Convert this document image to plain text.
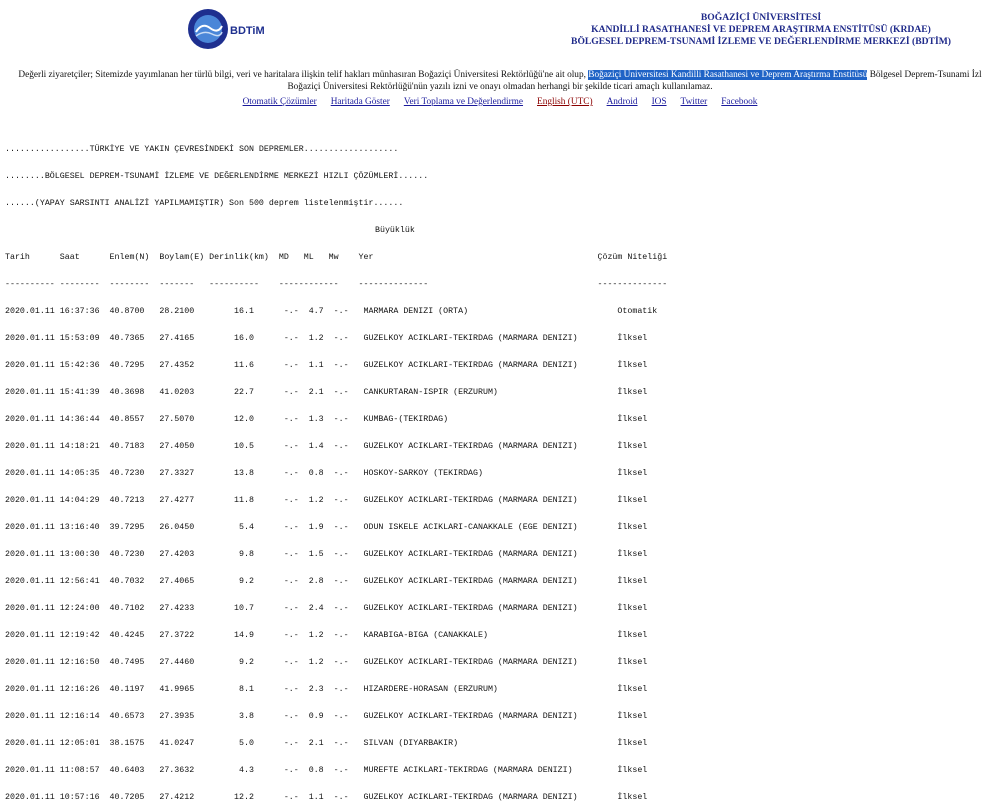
BDTiM
BOĞAZİÇİ ÜNİVERSİTESİ
KANDİLLİ RASATHANESİ VE DEPREM ARAŞTIRMA ENSTİTÜSÜ (KRDAE)
BÖLGESEL DEPREM-TSUNAMİ İZLEME VE DEĞERLENDİRME MERKEZİ (BDTİM)
Değerli ziyaretçiler; Sitemizde yayımlanan her türlü bilgi, veri ve haritalara ilişkin telif hakları münhasıran Boğaziçi Üniversitesi Rektörlüğü'ne ait olup, Boğaziçi Üniversitesi Kandilli Rasathanesi ve Deprem Araştırma Enstitüsü Bölgesel Deprem-Tsunami İzl
Boğaziçi Üniversitesi Rektörlüğü'nün yazılı izni ve onayı olmadan herhangi bir şekilde ticari amaçlı kullanılamaz.
Otomatik Çözümler Haritada Göster Veri Toplama ve Değerlendirme English (UTC) Android IOS Twitter Facebook

.................TÜRKİYE VE YAKIN ÇEVRESİNDEKİ SON DEPREMLER...................

........BÖLGESEL DEPREM-TSUNAMİ İZLEME VE DEĞERLENDİRME MERKEZİ HIZLI ÇÖZÜMLERİ......

......(YAPAY SARSINTI ANALİZİ YAPILMAMIŞTIR) Son 500 deprem listelenmiştir......

Büyüklük

Tarih      Saat      Enlem(N)  Boylam(E) Derinlik(km)  MD   ML   Mw    Yer                                             Çözüm Niteliği

---------- --------  --------  -------   ----------    ------------    --------------                                  --------------

2020.01.11 16:37:36  40.8700   28.2100        16.1      -.-  4.7  -.-   MARMARA DENIZI (ORTA)                              Otomatik

2020.01.11 15:53:09  40.7365   27.4165        16.0      -.-  1.2  -.-   GUZELKOY ACIKLARI-TEKIRDAG (MARMARA DENIZI)        İlksel

2020.01.11 15:42:36  40.7295   27.4352        11.6      -.-  1.1  -.-   GUZELKOY ACIKLARI-TEKIRDAG (MARMARA DENIZI)        İlksel

2020.01.11 15:41:39  40.3698   41.0203        22.7      -.-  2.1  -.-   CANKURTARAN-ISPIR (ERZURUM)                        İlksel

2020.01.11 14:36:44  40.8557   27.5070        12.0      -.-  1.3  -.-   KUMBAG-(TEKIRDAG)                                  İlksel

2020.01.11 14:18:21  40.7183   27.4050        10.5      -.-  1.4  -.-   GUZELKOY ACIKLARI-TEKIRDAG (MARMARA DENIZI)        İlksel

2020.01.11 14:05:35  40.7230   27.3327        13.8      -.-  0.8  -.-   HOSKOY-SARKOY (TEKIRDAG)                           İlksel

2020.01.11 14:04:29  40.7213   27.4277        11.8      -.-  1.2  -.-   GUZELKOY ACIKLARI-TEKIRDAG (MARMARA DENIZI)        İlksel

2020.01.11 13:16:40  39.7295   26.0450         5.4      -.-  1.9  -.-   ODUN ISKELE ACIKLARI-CANAKKALE (EGE DENIZI)        İlksel

2020.01.11 13:00:30  40.7230   27.4203         9.8      -.-  1.5  -.-   GUZELKOY ACIKLARI-TEKIRDAG (MARMARA DENIZI)        İlksel

2020.01.11 12:56:41  40.7032   27.4065         9.2      -.-  2.8  -.-   GUZELKOY ACIKLARI-TEKIRDAG (MARMARA DENIZI)        İlksel

2020.01.11 12:24:00  40.7102   27.4233        10.7      -.-  2.4  -.-   GUZELKOY ACIKLARI-TEKIRDAG (MARMARA DENIZI)        İlksel

2020.01.11 12:19:42  40.4245   27.3722        14.9      -.-  1.2  -.-   KARABIGA-BIGA (CANAKKALE)                          İlksel

2020.01.11 12:16:50  40.7495   27.4460         9.2      -.-  1.2  -.-   GUZELKOY ACIKLARI-TEKIRDAG (MARMARA DENIZI)        İlksel

2020.01.11 12:16:26  40.1197   41.9965         8.1      -.-  2.3  -.-   HIZARDERE-HORASAN (ERZURUM)                        İlksel

2020.01.11 12:16:14  40.6573   27.3935         3.8      -.-  0.9  -.-   GUZELKOY ACIKLARI-TEKIRDAG (MARMARA DENIZI)        İlksel

2020.01.11 12:05:01  38.1575   41.0247         5.0      -.-  2.1  -.-   SILVAN (DIYARBAKIR)                                İlksel

2020.01.11 11:08:57  40.6403   27.3632         4.3      -.-  0.8  -.-   MUREFTE ACIKLARI-TEKIRDAG (MARMARA DENIZI)         İlksel

2020.01.11 10:57:16  40.7205   27.4212        12.2      -.-  1.1  -.-   GUZELKOY ACIKLARI-TEKIRDAG (MARMARA DENIZI)        İlksel
